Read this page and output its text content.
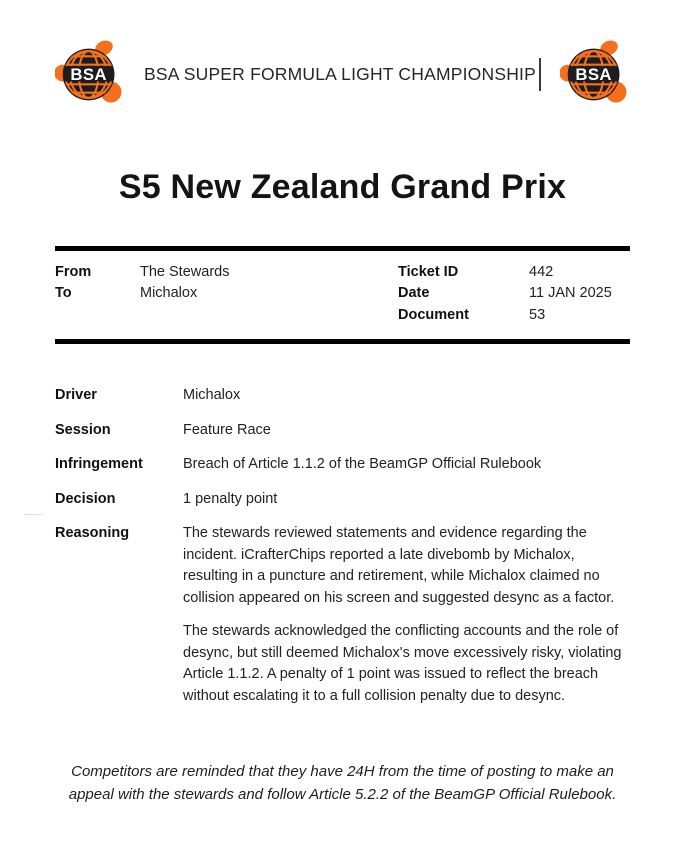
BSA BSA SUPER FORMULA LIGHT CHAMPIONSHIP BSA
S5 New Zealand Grand Prix
From	The Stewards
To	Michalox
Ticket ID	442
Date	11 JAN 2025
Document	53
Driver	Michalox
Session	Feature Race
Infringement	Breach of Article 1.1.2 of the BeamGP Official Rulebook
Decision	1 penalty point
Reasoning	The stewards reviewed statements and evidence regarding the incident. iCrafterChips reported a late divebomb by Michalox, resulting in a puncture and retirement, while Michalox claimed no collision appeared on his screen and suggested desync as a factor.

The stewards acknowledged the conflicting accounts and the role of desync, but still deemed Michalox's move excessively risky, violating Article 1.1.2. A penalty of 1 point was issued to reflect the breach without escalating it to a full collision penalty due to desync.

Competitors are reminded that they have 24H from the time of posting to make an appeal with the stewards and follow Article 5.2.2 of the BeamGP Official Rulebook.
